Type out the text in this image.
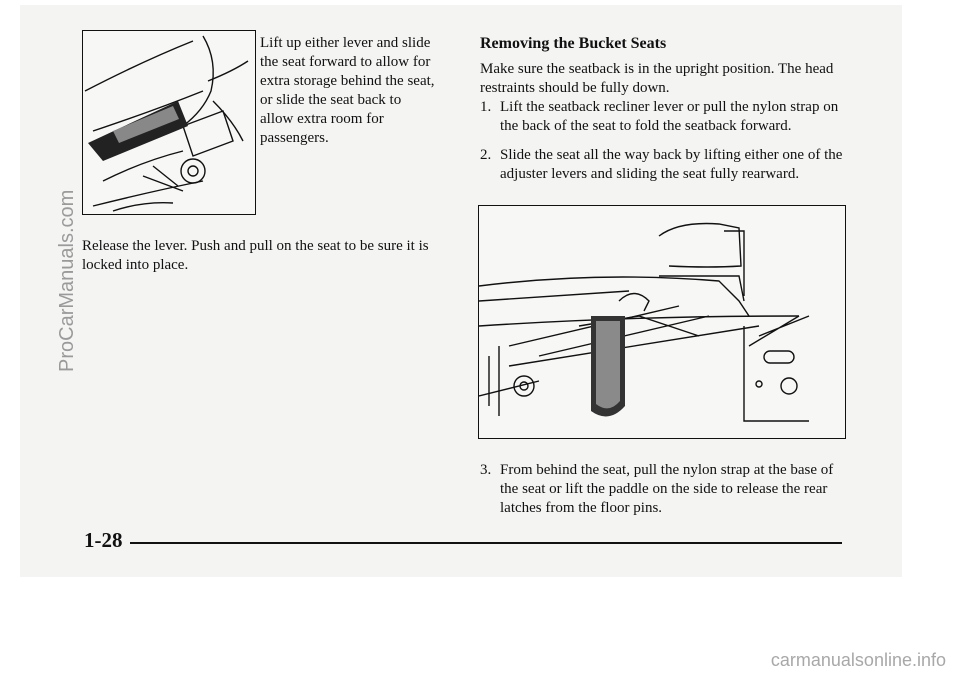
Lift up either lever and slide the seat forward to allow for extra storage behind the seat, or slide the seat back to allow extra room for passengers.
Release the lever. Push and pull on the seat to be sure it is locked into place.
Removing the Bucket Seats
Make sure the seatback is in the upright position. The head restraints should be fully down.
1. Lift the seatback recliner lever or pull the nylon strap on the back of the seat to fold the seatback forward.
2. Slide the seat all the way back by lifting either one of the adjuster levers and sliding the seat fully rearward.
3. From behind the seat, pull the nylon strap at the base of the seat or lift the paddle on the side to release the rear latches from the floor pins.
1-28
ProCarManuals.com
carmanualsonline.info
